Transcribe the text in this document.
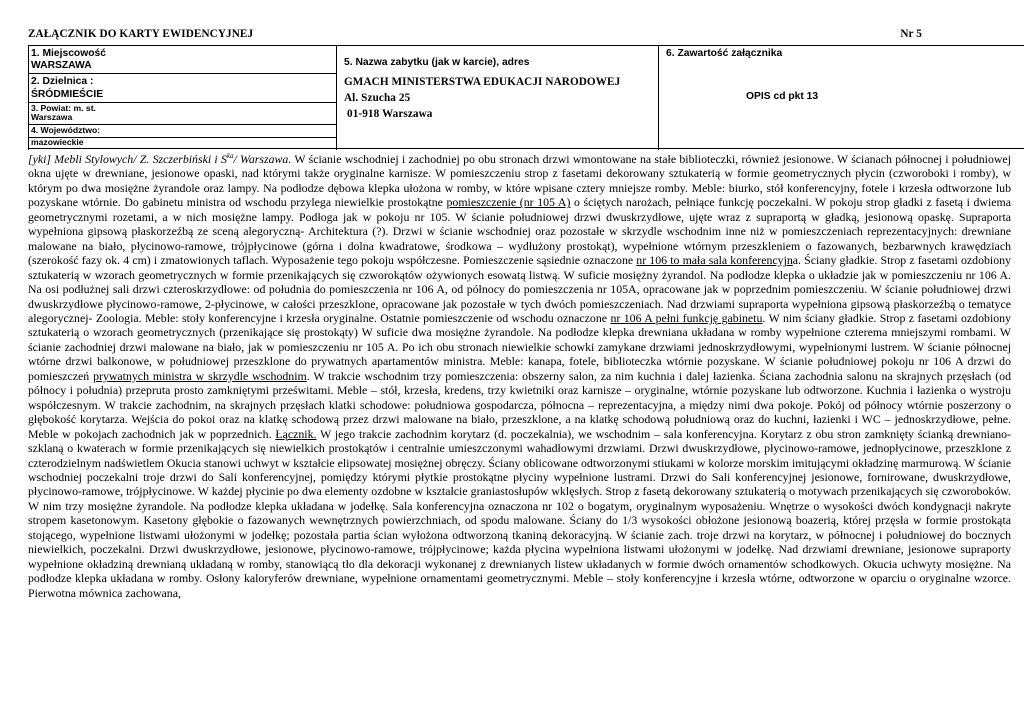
ZAŁĄCZNIK DO KARTY EWIDENCYJNEJ	Nr 5
1. Miejscowość
WARSZAWA
2. Dzielnica :
ŚRÓDMIEŚCIE
3. Powiat: m. st.
Warszawa
4. Województwo:
mazowieckie
5. Nazwa zabytku (jak w karcie), adres
GMACH MINISTERSTWA EDUKACJI NARODOWEJ
Al. Szucha 25
01-918 Warszawa
6. Zawartość załącznika
OPIS cd pkt 13
[yki] Mebli Stylowych/ Z. Szczerbiński i $S^{ka}/$ Warszawa. W ścianie wschodniej i zachodniej po obu stronach drzwi wmontowane na stałe biblioteczki, również jesionowe. W ścianach północnej i południowej okna ujęte w drewniane, jesionowe opaski, nad którymi także oryginalne karnisze. W pomieszczeniu strop z fasetami dekorowany sztukaterią w formie geometrycznych płycin (czworoboki i romby), w którym po dwa mosiężne żyrandole oraz lampy. Na podłodze dębowa klepka ułożona w romby, w które wpisane cztery mniejsze romby. Meble: biurko, stół konferencyjny, fotele i krzesła odtworzone lub pozyskane wtórnie. Do gabinetu ministra od wschodu przylega niewielkie prostokątne pomieszczenie (nr 105 A) o ściętych narożach, pełniące funkcję poczekalni. W pokoju strop gładki z fasetą i dwiema geometrycznymi rozetami, a w nich mosiężne lampy. Podłoga jak w pokoju nr 105. W ścianie południowej drzwi dwuskrzydłowe, ujęte wraz z supraportą w gładką, jesionową opaskę. Supraporta wypełniona gipsową płaskorzeźbą ze sceną alegoryczną- Architektura (?). Drzwi w ścianie wschodniej oraz pozostałe w skrzydle wschodnim inne niż w pomieszczeniach reprezentacyjnych: drewniane malowane na biało, płycinowo-ramowe, trójpłycinowe (górna i dolna kwadratowe, środkowa – wydłużony prostokąt), wypełnione wtórnym przeszkleniem o fazowanych, bezbarwnych krawędziach (szerokość fazy ok. 4 cm) i zmatowionych taflach. Wyposażenie tego pokoju współczesne. Pomieszczenie sąsiednie oznaczone nr 106 to mała sala konferencyjna. Ściany gładkie. Strop z fasetami ozdobiony sztukaterią w wzorach geometrycznych w formie przenikających się czworokątów ożywionych esowatą listwą. W suficie mosiężny żyrandol. Na podłodze klepka o układzie jak w pomieszczeniu nr 106 A. Na osi podłużnej sali drzwi czteroskrzydłowe: od południa do pomieszczenia nr 106 A, od północy do pomieszczenia nr 105A, opracowane jak w poprzednim pomieszczeniu. W ścianie południowej drzwi dwuskrzydłowe płycinowo-ramowe, 2-płycinowe, w całości przeszklone, opracowane jak pozostałe w tych dwóch pomieszczeniach. Nad drzwiami supraporta wypełniona gipsową płaskorzeźbą o tematyce alegorycznej- Zoologia. Meble: stoły konferencyjne i krzesła oryginalne. Ostatnie pomieszczenie od wschodu oznaczone nr 106 A pełni funkcję gabinetu. W nim ściany gładkie. Strop z fasetami ozdobiony sztukaterią o wzorach geometrycznych (przenikające się prostokąty) W suficie dwa mosiężne żyrandole. Na podłodze klepka drewniana układana w romby wypełnione czterema mniejszymi rombami. W ścianie zachodniej drzwi malowane na biało, jak w pomieszczeniu nr 105 A. Po ich obu stronach niewielkie schowki zamykane drzwiami jednoskrzydłowymi, wypełnionymi lustrem. W ścianie północnej wtórne drzwi balkonowe, w południowej przeszklone do prywatnych apartamentów ministra. Meble: kanapa, fotele, biblioteczka wtórnie pozyskane. W ścianie południowej pokoju nr 106 A drzwi do pomieszczeń prywatnych ministra w skrzydle wschodnim. W trakcie wschodnim trzy pomieszczenia: obszerny salon, za nim kuchnia i dalej łazienka. Ściana zachodnia salonu na skrajnych przęsłach (od północy i południa) przeprutа prosto zamkniętymi prześwitami. Meble – stół, krzesła, kredens, trzy kwietniki oraz karnisze – oryginalne, wtórnie pozyskane lub odtworzone. Kuchnia i łazienka o wystroju współczesnym. W trakcie zachodnim, na skrajnych przęsłach klatki schodowe: południowa gospodarcza, północna – reprezentacyjna, a między nimi dwa pokoje. Pokój od północy wtórnie poszerzony o głębokość korytarza. Wejścia do pokoi oraz na klatkę schodową przez drzwi malowane na biało, przeszklone, a na klatkę schodową południową oraz do kuchni, łazienki i WC – jednoskrzydłowe, pełne. Meble w pokojach zachodnich jak w poprzednich. Łącznik. W jego trakcie zachodnim korytarz (d. poczekalnia), we wschodnim – sala konferencyjna. Korytarz z obu stron zamknięty ścianką drewniano-szklaną o kwaterach w formie przenikających się niewielkich prostokątów i centralnie umieszczonymi wahadłowymi drzwiami. Drzwi dwuskrzydłowe, płycinowo-ramowe, jednopłycinowe, przeszklone z czterodzielnym nadświetlem Okucia stanowi uchwyt w kształcie elipsowatej mosiężnej obręczy. Ściany oblicowane odtworzonymi stiukami w kolorze morskim imitującymi okładzinę marmurową. W ścianie wschodniej poczekalni troje drzwi do Sali konferencyjnej, pomiędzy którymi płytkie prostokątne płyciny wypełnione lustrami. Drzwi do Sali konferencyjnej jesionowe, fornirowane, dwuskrzydłowe, płycinowo-ramowe, trójpłycinowe. W każdej płycinie po dwa elementy ozdobne w kształcie graniastosłupów wklęsłych. Strop z fasetą dekorowany sztukaterią o motywach przenikających się czworoboków. W nim trzy mosiężne żyrandole. Na podłodze klepka układana w jodełkę. Sala konferencyjna oznaczona nr 102 o bogatym, oryginalnym wyposażeniu. Wnętrze o wysokości dwóch kondygnacji nakryte stropem kasetonowym. Kasetony głębokie o fazowanych wewnętrznych powierzchniach, od spodu malowane. Ściany do 1/3 wysokości obłożone jesionową boazerią, której przęsła w formie prostokąta stojącego, wypełnione listwami ułożonymi w jodełkę; pozostała partia ścian wyłożona odtworzoną tkaniną dekoracyjną. W ścianie zach. troje drzwi na korytarz, w północnej i południowej do bocznych niewielkich, poczekalni. Drzwi dwuskrzydłowe, jesionowe, płycinowo-ramowe, trójpłycinowe; każda płycina wypełniona listwami ułożonymi w jodełkę. Nad drzwiami drewniane, jesionowe supraporty wypełnione okładziną drewnianą układaną w romby, stanowiącą tło dla dekoracji wykonanej z drewnianych listew układanych w formie dwóch ornamentów schodkowych. Okucia uchwyty mosiężne. Na podłodze klepka układana w romby. Osłony kaloryferów drewniane, wypełnione ornamentami geometrycznymi. Meble – stoły konferencyjne i krzesła wtórne, odtworzone w oparciu o oryginalne wzorce. Pierwotna mównica zachowana,
